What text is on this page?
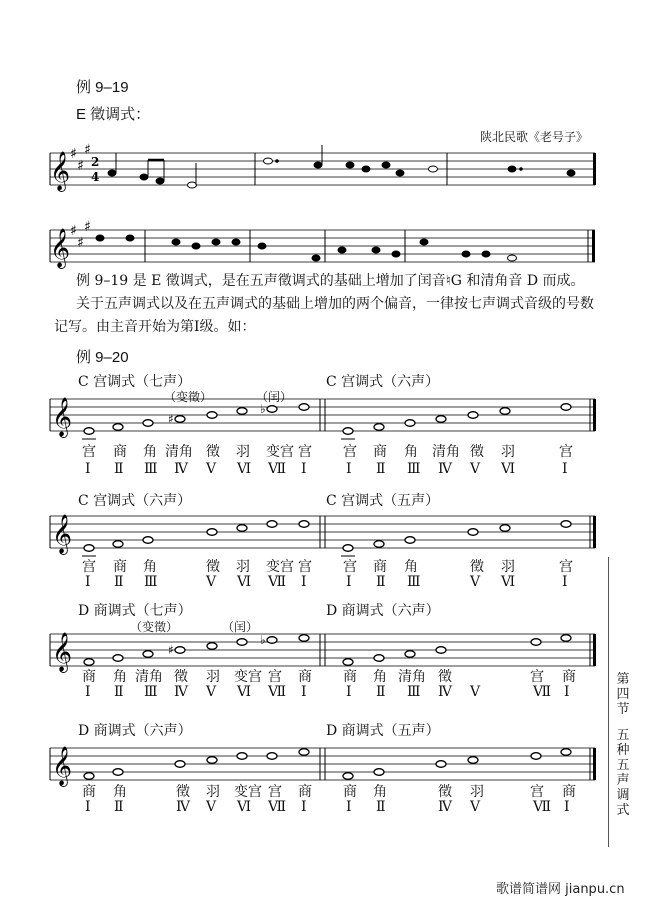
例 9–19
E 徵调式：
陕北民歌《老号子》
例 9–19 是 E 徵调式，是在五声徵调式的基础上增加了闰音♮G 和清角音 D 而成。
关于五声调式以及在五声调式的基础上增加的两个偏音，一律按七声调式音级的号数
记写。由主音开始为第Ⅰ级。如：
例 9–20
C 宫调式（七声）	C 宫调式（六声）
C 宫调式（六声）	C 宫调式（五声）
D 商调式（七声）	D 商调式（六声）
D 商调式（六声）	D 商调式（五声）
（变徵）	（闰）
（变徵）	（闰）
宫 商 角 清角 徵 羽 变宫 宫
Ⅰ Ⅱ Ⅲ Ⅳ Ⅴ Ⅵ Ⅶ Ⅰ
宫 商 角 清角 徵 羽	宫
Ⅰ Ⅱ Ⅲ Ⅳ Ⅴ Ⅵ	Ⅰ
宫 商 角	徵 羽 变宫 宫
Ⅰ Ⅱ Ⅲ	Ⅴ Ⅵ Ⅶ Ⅰ
宫 商 角	徵 羽	宫
Ⅰ Ⅱ Ⅲ	Ⅴ Ⅵ	Ⅰ
商 角 清角 徵 羽 变宫 宫 商
Ⅰ Ⅱ Ⅲ Ⅳ Ⅴ Ⅵ Ⅶ Ⅰ
商 角 清角 徵	宫 商
Ⅰ Ⅱ Ⅲ Ⅳ Ⅴ	Ⅶ Ⅰ
商 角	徵 羽 变宫 宫 商
Ⅰ Ⅱ	Ⅳ Ⅴ Ⅵ Ⅶ Ⅰ
商 角	徵 羽	宫 商
Ⅰ Ⅱ	Ⅳ Ⅴ	Ⅶ Ⅰ
𝄞
𝄞
𝄞
𝄞
𝄞
𝄞
♯
♯
♯
♯
♯
♯
2
4
♯
♭
♯
♭
第四节
五种五声调式
歌谱简谱网 jianpu.cn
